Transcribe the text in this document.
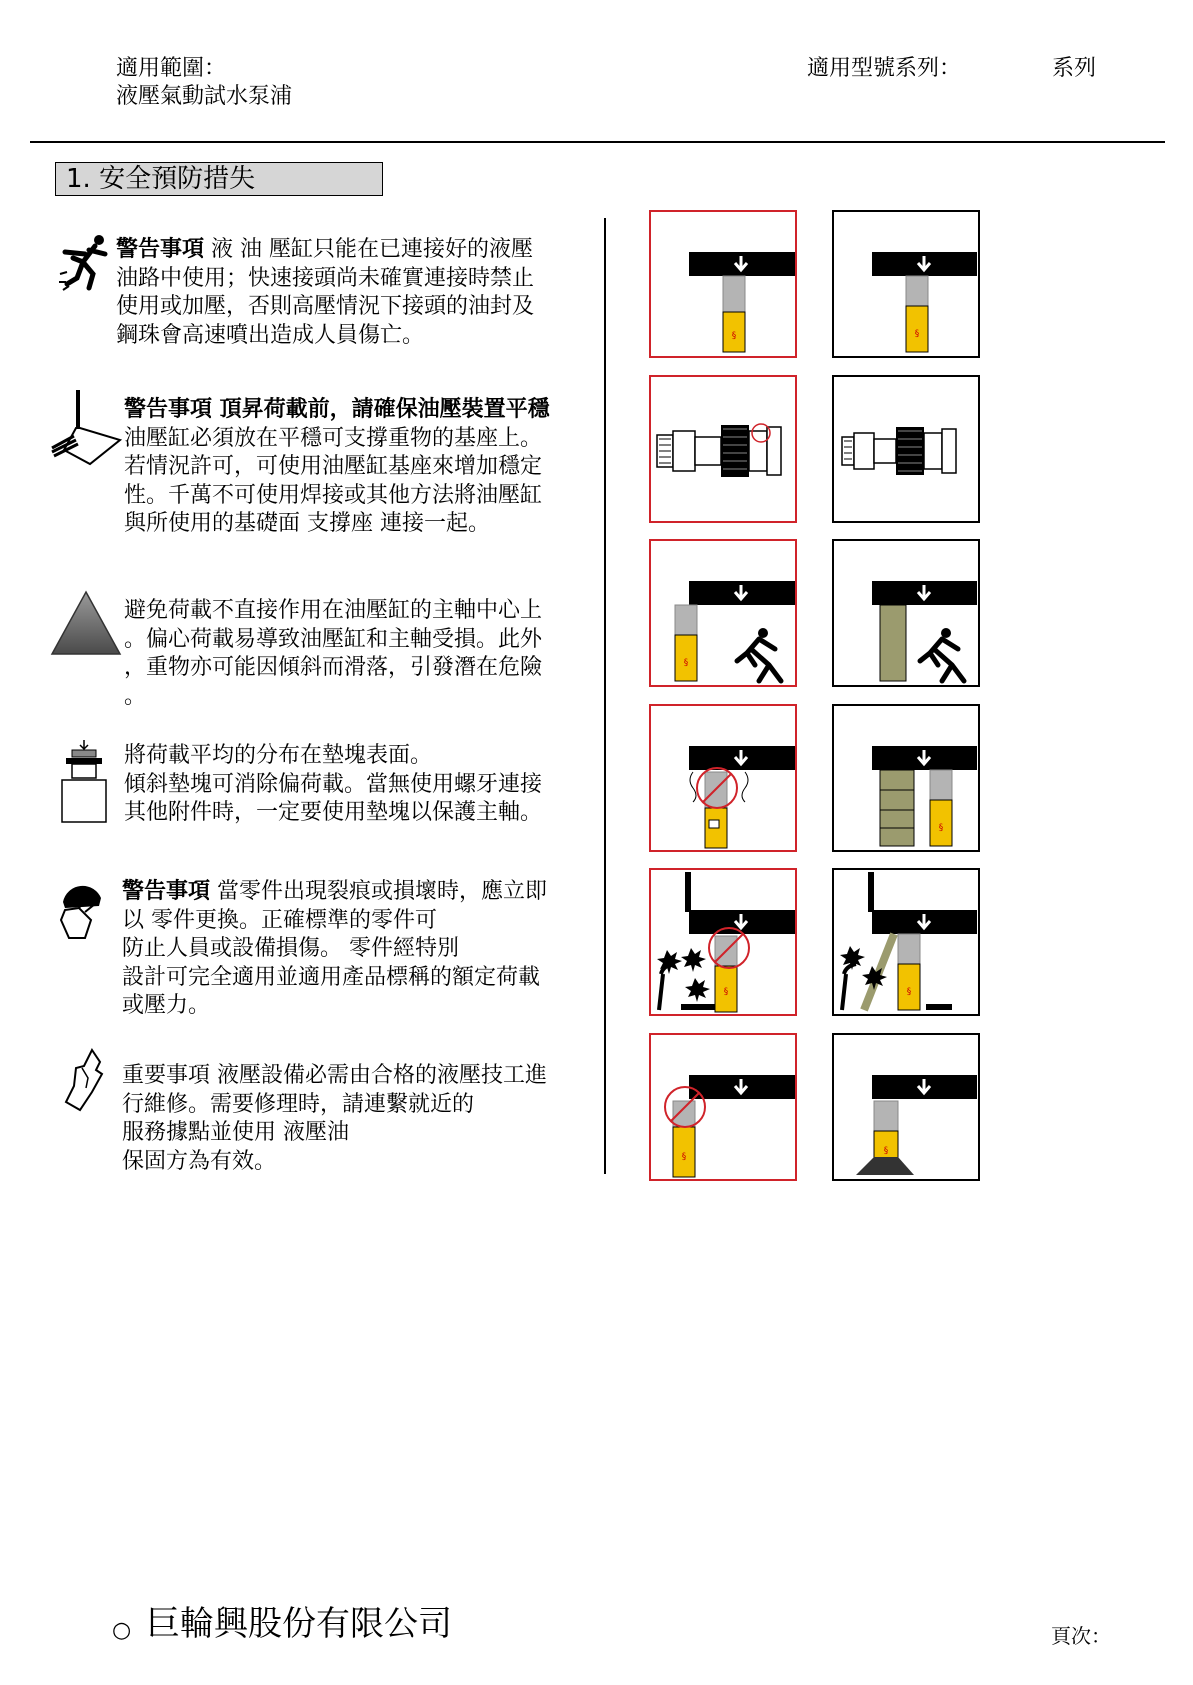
適用範圍：
液壓氣動試水泵浦
適用型號系列：	系列
1. 安全預防措失
警告事項 液 油 壓缸只能在已連接好的液壓
油路中使用；快速接頭尚未確實連接時禁止
使用或加壓，否則高壓情況下接頭的油封及
鋼珠會高速噴出造成人員傷亡。
警告事項 頂昇荷載前，請確保油壓裝置平穩
油壓缸必須放在平穩可支撐重物的基座上。
若情況許可，可使用油壓缸基座來增加穩定
性。千萬不可使用焊接或其他方法將油壓缸
與所使用的基礎面 支撐座 連接一起。
避免荷載不直接作用在油壓缸的主軸中心上
。偏心荷載易導致油壓缸和主軸受損。此外
，重物亦可能因傾斜而滑落，引發潛在危險
。
將荷載平均的分布在墊塊表面。
傾斜墊塊可消除偏荷載。當無使用螺牙連接
其他附件時，一定要使用墊塊以保護主軸。
警告事項 當零件出現裂痕或損壞時，應立即
以 零件更換。正確標準的零件可
防止人員或設備損傷。 零件經特別
設計可完全適用並適用產品標稱的額定荷載
或壓力。
重要事項 液壓設備必需由合格的液壓技工進
行維修。需要修理時，請連繫就近的
服務據點並使用 液壓油
保固方為有效。
§	§
§
§
§	§
§
§
○ 巨輪興股份有限公司	頁次：
